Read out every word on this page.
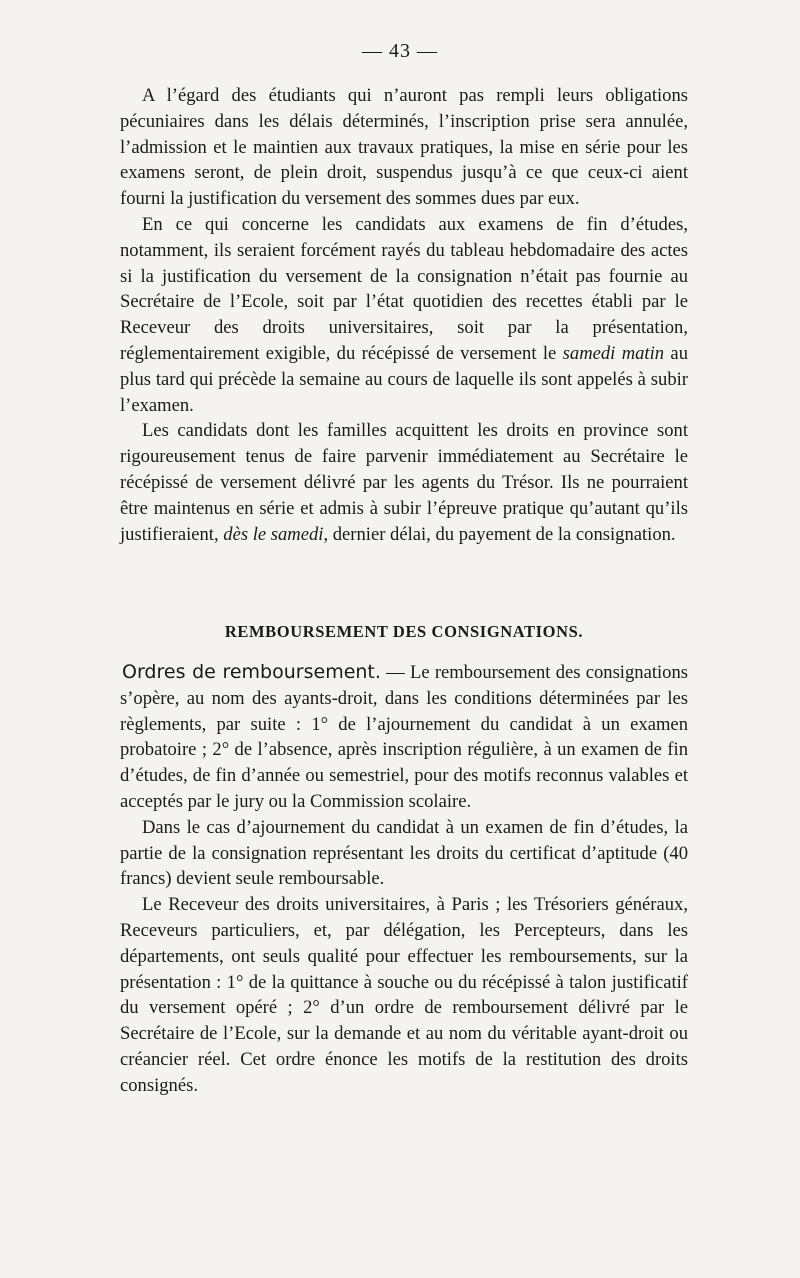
— 43 —

A l’égard des étudiants qui n’auront pas rempli leurs obligations pécuniaires dans les délais déterminés, l’inscription prise sera annulée, l’admission et le maintien aux travaux pratiques, la mise en série pour les examens seront, de plein droit, suspendus jusqu’à ce que ceux-ci aient fourni la justification du versement des sommes dues par eux.

En ce qui concerne les candidats aux examens de fin d’études, notamment, ils seraient forcément rayés du tableau hebdomadaire des actes si la justification du versement de la consignation n’était pas fournie au Secrétaire de l’Ecole, soit par l’état quotidien des recettes établi par le Receveur des droits universitaires, soit par la présentation, réglementairement exigible, du récépissé de versement le samedi matin au plus tard qui précède la semaine au cours de laquelle ils sont appelés à subir l’examen.

Les candidats dont les familles acquittent les droits en province sont rigoureusement tenus de faire parvenir immédiatement au Secrétaire le récépissé de versement délivré par les agents du Trésor. Ils ne pourraient être maintenus en série et admis à subir l’épreuve pratique qu’autant qu’ils justifieraient, dès le samedi, dernier délai, du payement de la consignation.

REMBOURSEMENT DES CONSIGNATIONS.

Ordres de remboursement. — Le remboursement des consignations s’opère, au nom des ayants-droit, dans les conditions déterminées par les règlements, par suite : 1° de l’ajournement du candidat à un examen probatoire ; 2° de l’absence, après inscription régulière, à un examen de fin d’études, de fin d’année ou semestriel, pour des motifs reconnus valables et acceptés par le jury ou la Commission scolaire.

Dans le cas d’ajournement du candidat à un examen de fin d’études, la partie de la consignation représentant les droits du certificat d’aptitude (40 francs) devient seule remboursable.

Le Receveur des droits universitaires, à Paris ; les Trésoriers généraux, Receveurs particuliers, et, par délégation, les Percepteurs, dans les départements, ont seuls qualité pour effectuer les remboursements, sur la présentation : 1° de la quittance à souche ou du récépissé à talon justificatif du versement opéré ; 2° d’un ordre de remboursement délivré par le Secrétaire de l’Ecole, sur la demande et au nom du véritable ayant-droit ou créancier réel. Cet ordre énonce les motifs de la restitution des droits consignés.
